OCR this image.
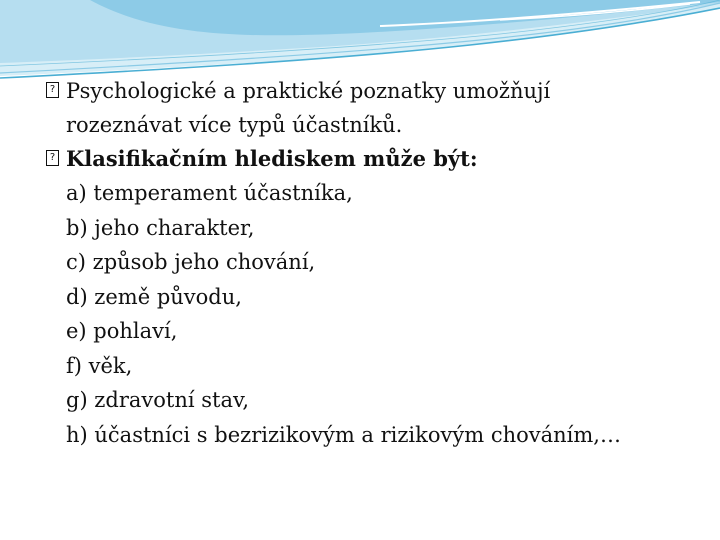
? Psychologické a praktické poznatky umožňují
rozeznávat více typů účastníků.
? Klasifikačním hlediskem může být:
a) temperament účastníka,
b) jeho charakter,
c) způsob jeho chování,
d) země původu,
e) pohlaví,
f) věk,
g) zdravotní stav,
h) účastníci s bezrizikovým a rizikovým chováním,…
